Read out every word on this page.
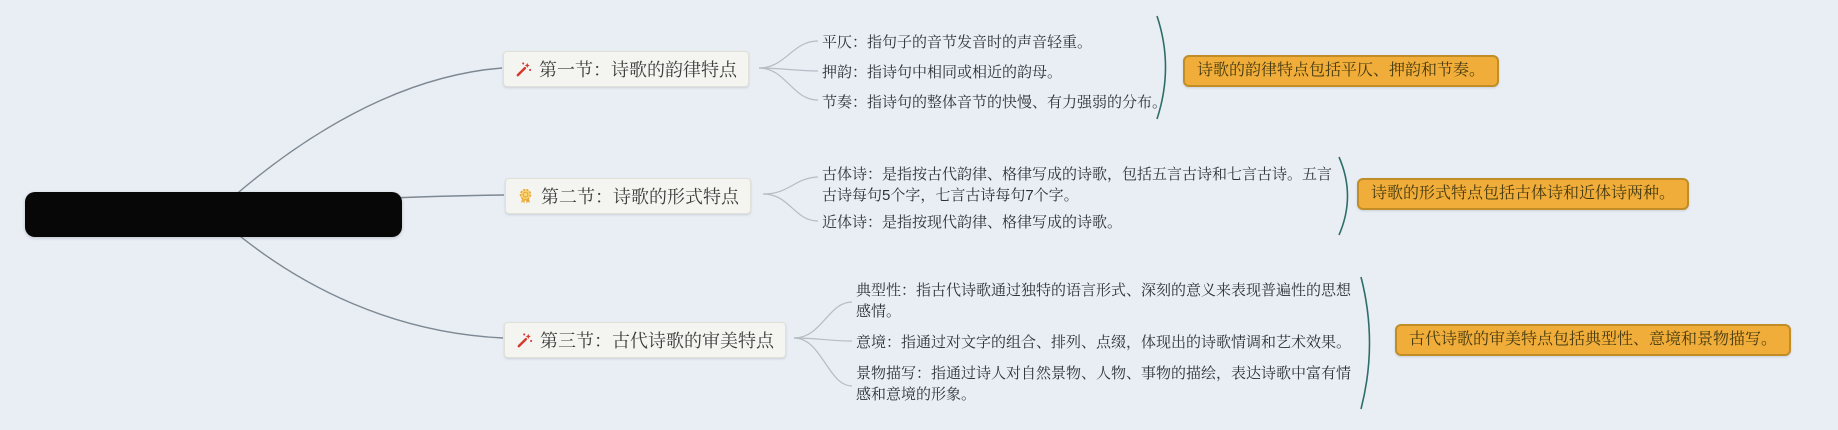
第一节：诗歌的韵律特点
平仄：指句子的音节发音时的声音轻重。
押韵：指诗句中相同或相近的韵母。
节奏：指诗句的整体音节的快慢、有力强弱的分布。
诗歌的韵律特点包括平仄、押韵和节奏。
第二节：诗歌的形式特点
古体诗：是指按古代韵律、格律写成的诗歌，包括五言古诗和七言古诗。五言古诗每句5个字，七言古诗每句7个字。
近体诗：是指按现代韵律、格律写成的诗歌。
诗歌的形式特点包括古体诗和近体诗两种。
第三节：古代诗歌的审美特点
典型性：指古代诗歌通过独特的语言形式、深刻的意义来表现普遍性的思想感情。
意境：指通过对文字的组合、排列、点缀，体现出的诗歌情调和艺术效果。
景物描写：指通过诗人对自然景物、人物、事物的描绘，表达诗歌中富有情感和意境的形象。
古代诗歌的审美特点包括典型性、意境和景物描写。
